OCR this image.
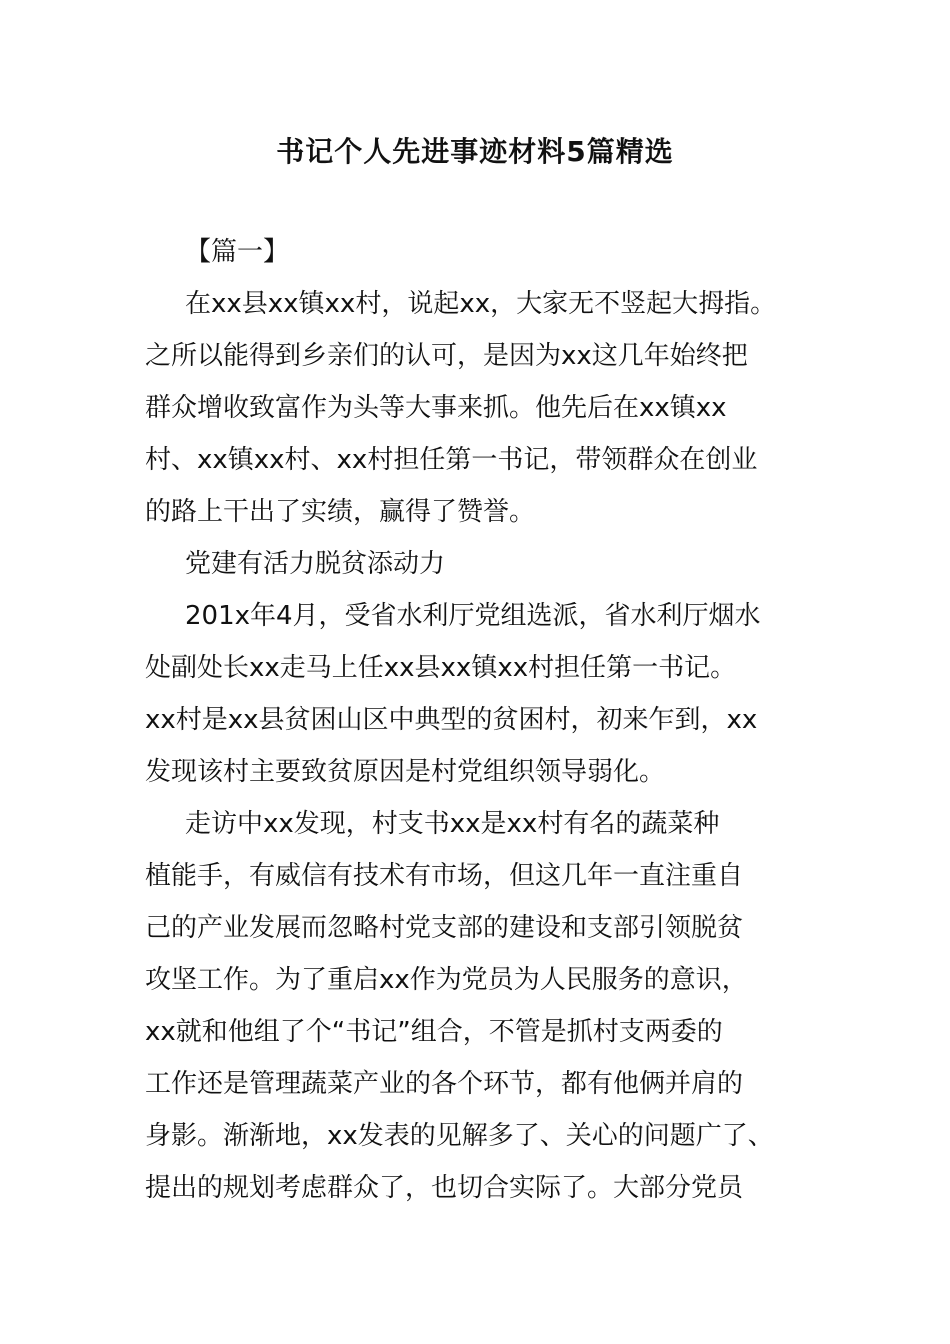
书记个人先进事迹材料5篇精选
【篇一】
在xx县xx镇xx村，说起xx，大家无不竖起大拇指。
之所以能得到乡亲们的认可，是因为xx这几年始终把
群众增收致富作为头等大事来抓。他先后在xx镇xx
村、xx镇xx村、xx村担任第一书记，带领群众在创业
的路上干出了实绩，赢得了赞誉。
党建有活力脱贫添动力
201x年4月，受省水利厅党组选派，省水利厅烟水
处副处长xx走马上任xx县xx镇xx村担任第一书记。
xx村是xx县贫困山区中典型的贫困村，初来乍到，xx
发现该村主要致贫原因是村党组织领导弱化。
走访中xx发现，村支书xx是xx村有名的蔬菜种
植能手，有威信有技术有市场，但这几年一直注重自
己的产业发展而忽略村党支部的建设和支部引领脱贫
攻坚工作。为了重启xx作为党员为人民服务的意识，
xx就和他组了个“书记”组合，不管是抓村支两委的
工作还是管理蔬菜产业的各个环节，都有他俩并肩的
身影。渐渐地，xx发表的见解多了、关心的问题广了、
提出的规划考虑群众了，也切合实际了。大部分党员
